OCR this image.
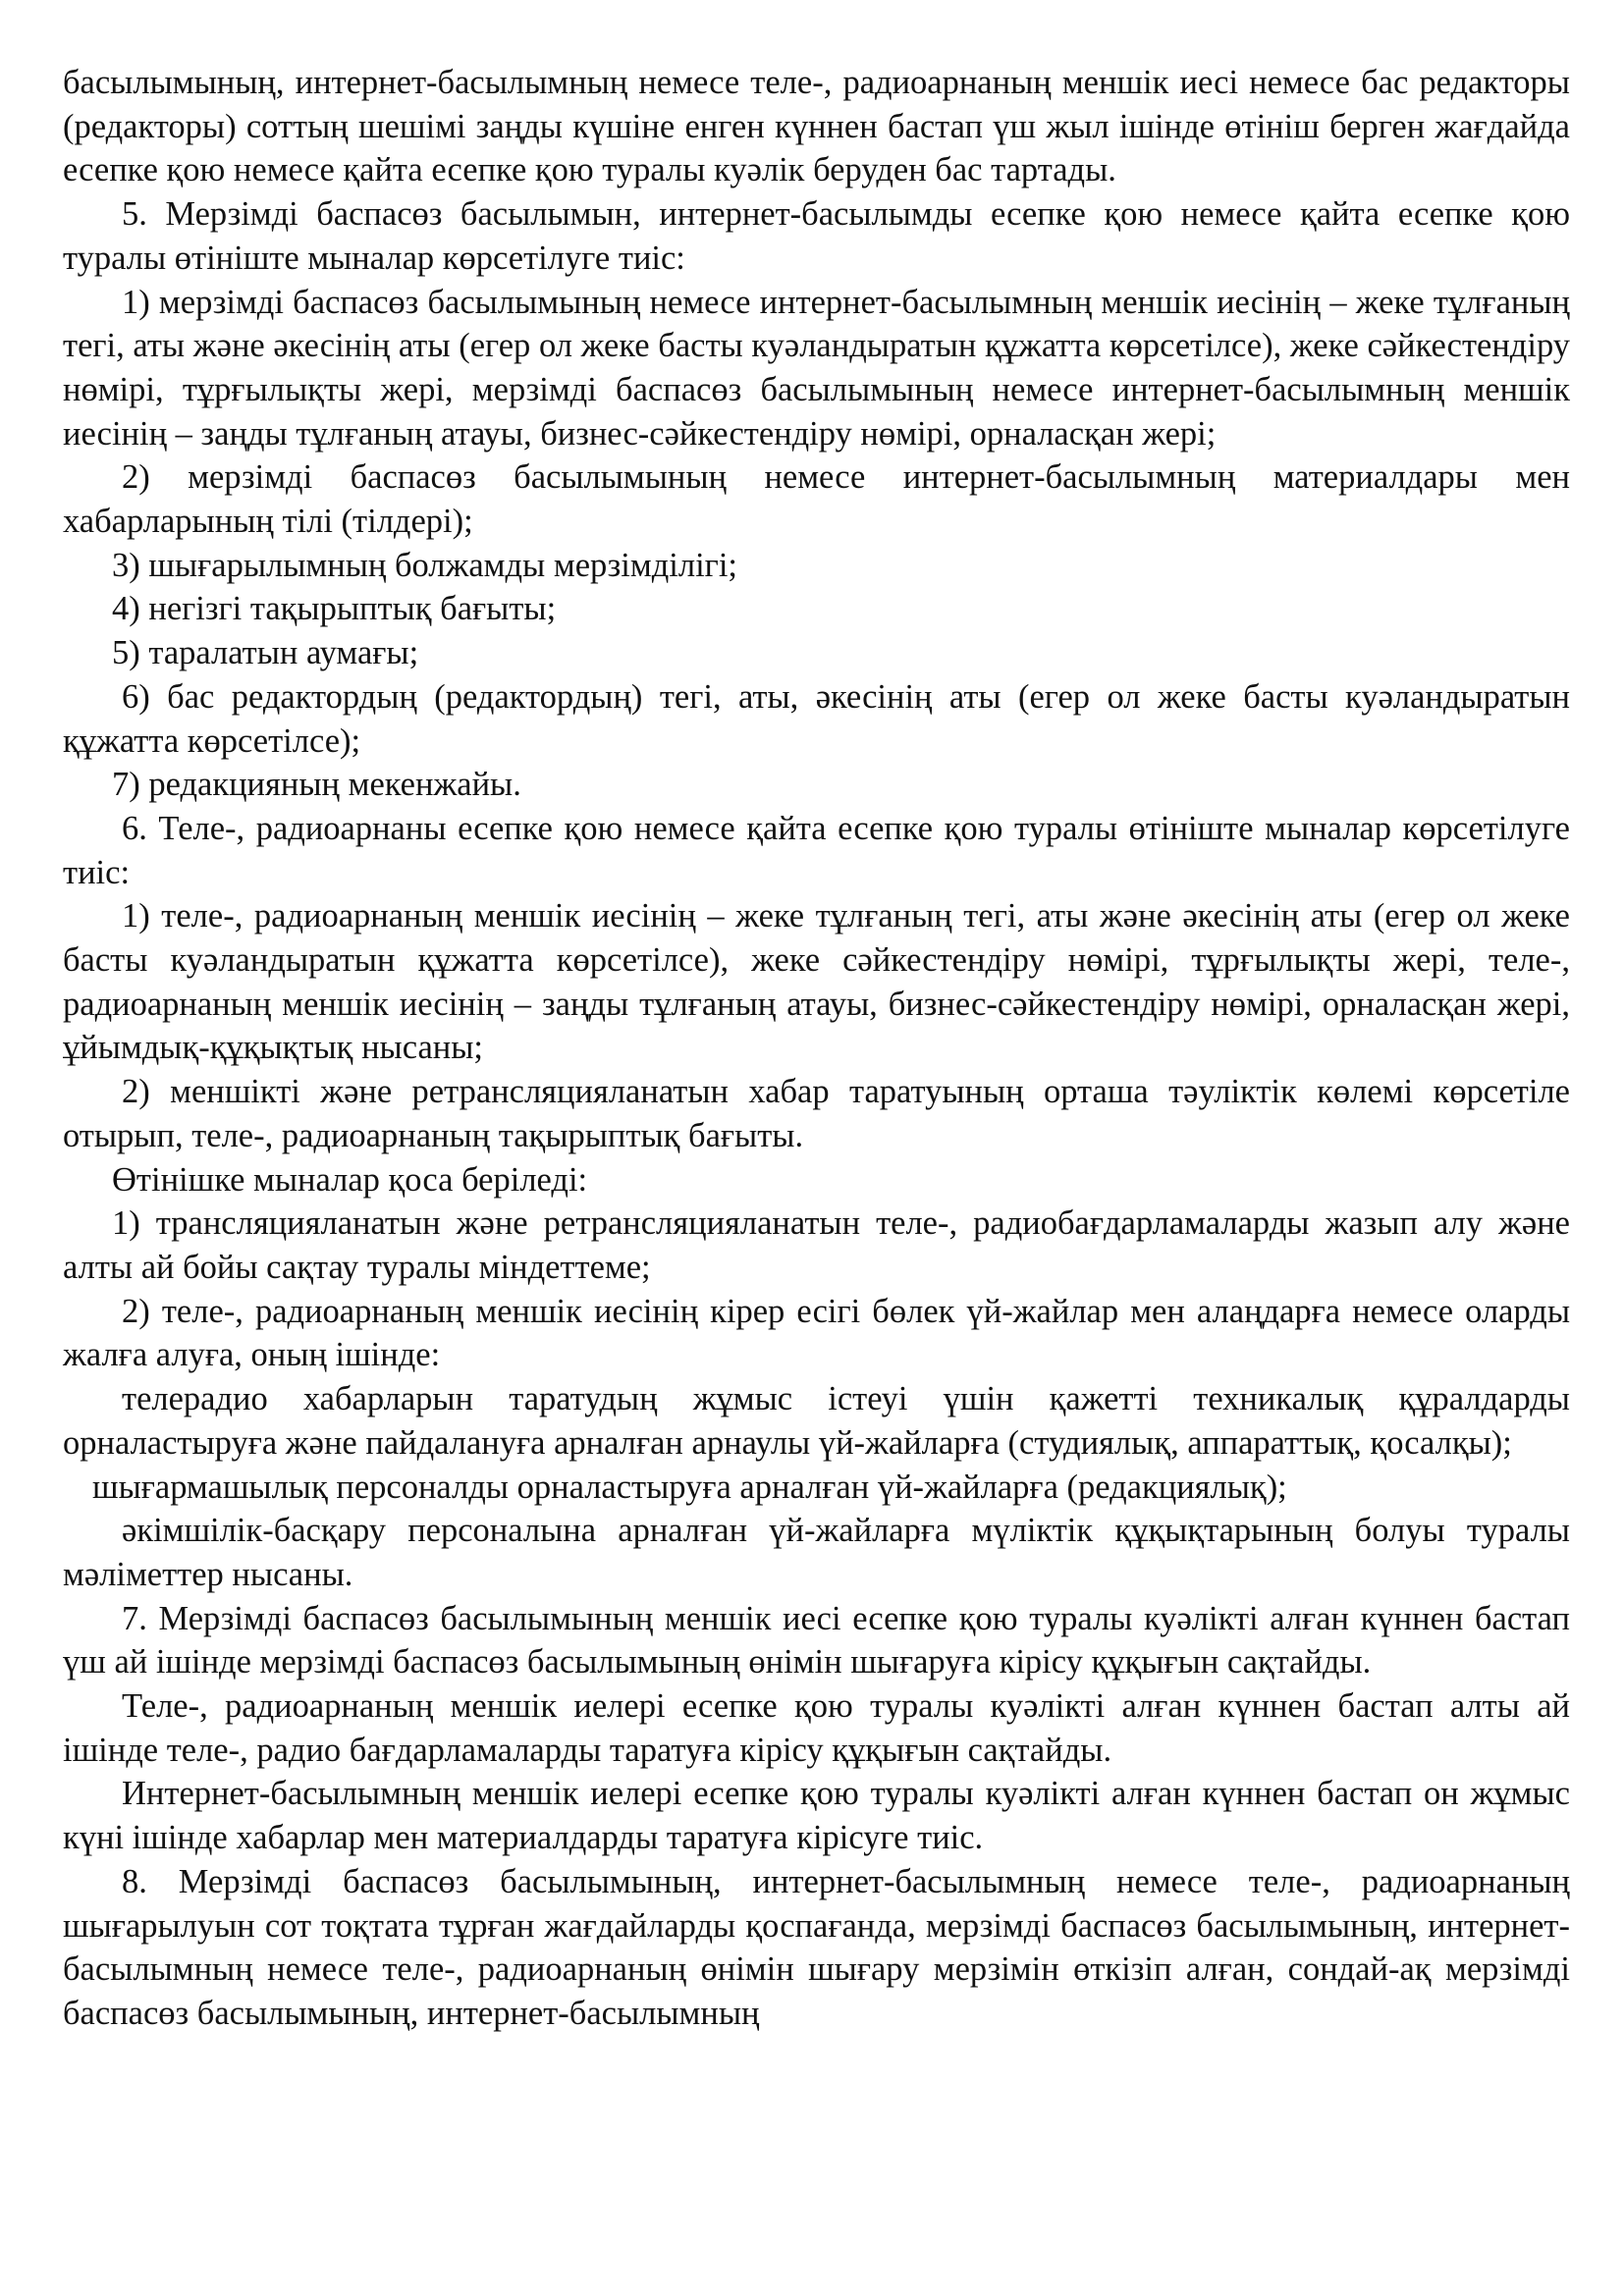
басылымының, интернет-басылымның немесе теле-, радиоарнаның меншік иесі немесе бас редакторы (редакторы) соттың шешімі заңды күшіне енген күннен бастап үш жыл ішінде өтініш берген жағдайда есепке қою немесе қайта есепке қою туралы куәлік беруден бас тартады.

5. Мерзімді баспасөз басылымын, интернет-басылымды есепке қою немесе қайта есепке қою туралы өтініште мыналар көрсетілуге тиіс:

1) мерзімді баспасөз басылымының немесе интернет-басылымның меншік иесінің – жеке тұлғаның тегі, аты және әкесінің аты (егер ол жеке басты куәландыратын құжатта көрсетілсе), жеке сәйкестендіру нөмірі, тұрғылықты жері, мерзімді баспасөз басылымының немесе интернет-басылымның меншік иесінің – заңды тұлғаның атауы, бизнес-сәйкестендіру нөмірі, орналасқан жері;

2) мерзімді баспасөз басылымының немесе интернет-басылымның материалдары мен хабарларының тілі (тілдері);

3) шығарылымның болжамды мерзімділігі;

4) негізгі тақырыптық бағыты;

5) таралатын аумағы;

6) бас редактордың (редактордың) тегі, аты, әкесінің аты (егер ол жеке басты куәландыратын құжатта көрсетілсе);

7) редакцияның мекенжайы.

6. Теле-, радиоарнаны есепке қою немесе қайта есепке қою туралы өтініште мыналар көрсетілуге тиіс:

1) теле-, радиоарнаның меншік иесінің – жеке тұлғаның тегі, аты және әкесінің аты (егер ол жеке басты куәландыратын құжатта көрсетілсе), жеке сәйкестендіру нөмірі, тұрғылықты жері, теле-, радиоарнаның меншік иесінің – заңды тұлғаның атауы, бизнес-сәйкестендіру нөмірі, орналасқан жері, ұйымдық-құқықтық нысаны;

2) меншікті және ретрансляцияланатын хабар таратуының орташа тәуліктік көлемі көрсетіле отырып, теле-, радиоарнаның тақырыптық бағыты.

Өтінішке мыналар қоса беріледі:

1) трансляцияланатын және ретрансляцияланатын теле-, радиобағдарламаларды жазып алу және алты ай бойы сақтау туралы міндеттеме;

2) теле-, радиоарнаның меншік иесінің кірер есігі бөлек үй-жайлар мен алаңдарға немесе оларды жалға алуға, оның ішінде:

телерадио хабарларын таратудың жұмыс істеуі үшін қажетті техникалық құралдарды орналастыруға және пайдалануға арналған арнаулы үй-жайларға (студиялық, аппараттық, қосалқы);

шығармашылық персоналды орналастыруға арналған үй-жайларға (редакциялық);

әкімшілік-басқару персоналына арналған үй-жайларға мүліктік құқықтарының болуы туралы мәліметтер нысаны.

7. Мерзімді баспасөз басылымының меншік иесі есепке қою туралы куәлікті алған күннен бастап үш ай ішінде мерзімді баспасөз басылымының өнімін шығаруға кірісу құқығын сақтайды.

Теле-, радиоарнаның меншік иелері есепке қою туралы куәлікті алған күннен бастап алты ай ішінде теле-, радио бағдарламаларды таратуға кірісу құқығын сақтайды.

Интернет-басылымның меншік иелері есепке қою туралы куәлікті алған күннен бастап он жұмыс күні ішінде хабарлар мен материалдарды таратуға кірісуге тиіс.

8. Мерзімді баспасөз басылымының, интернет-басылымның немесе теле-, радиоарнаның шығарылуын сот тоқтата тұрған жағдайларды қоспағанда, мерзімді баспасөз басылымының, интернет-басылымның немесе теле-, радиоарнаның өнімін шығару мерзімін өткізіп алған, сондай-ақ мерзімді баспасөз басылымының, интернет-басылымның
